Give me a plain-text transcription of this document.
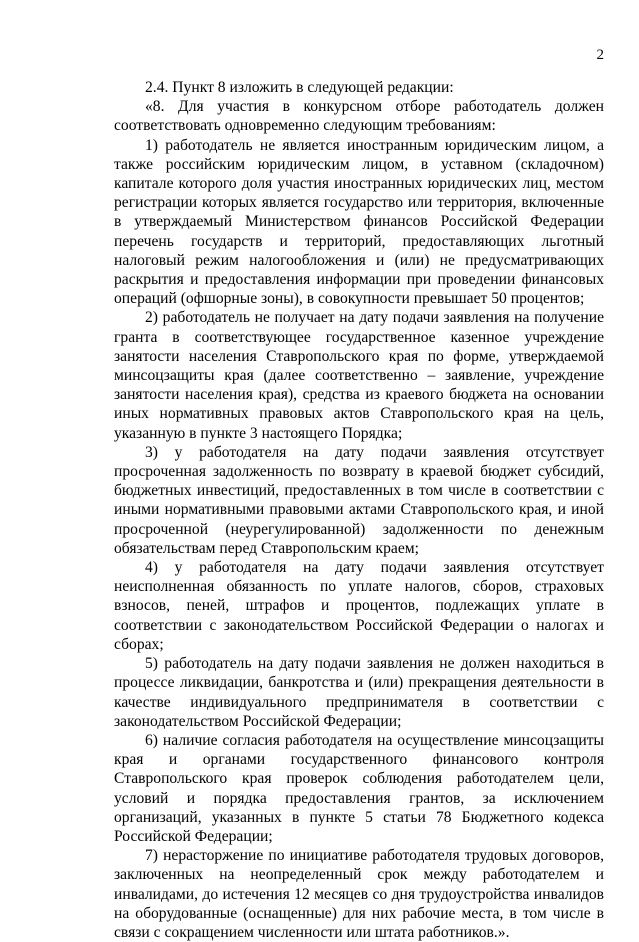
2

2.4. Пункт 8 изложить в следующей редакции:

«8. Для участия в конкурсном отборе работодатель должен соответствовать одновременно следующим требованиям:

1) работодатель не является иностранным юридическим лицом, а также российским юридическим лицом, в уставном (складочном) капитале которого доля участия иностранных юридических лиц, местом регистрации которых является государство или территория, включенные в утверждаемый Министерством финансов Российской Федерации перечень государств и территорий, предоставляющих льготный налоговый режим налогообложения и (или) не предусматривающих раскрытия и предоставления информации при проведении финансовых операций (офшорные зоны), в совокупности превышает 50 процентов;

2) работодатель не получает на дату подачи заявления на получение гранта в соответствующее государственное казенное учреждение занятости населения Ставропольского края по форме, утверждаемой минсоцзащиты края (далее соответственно – заявление, учреждение занятости населения края), средства из краевого бюджета на основании иных нормативных правовых актов Ставропольского края на цель, указанную в пункте 3 настоящего Порядка;

3) у работодателя на дату подачи заявления отсутствует просроченная задолженность по возврату в краевой бюджет субсидий, бюджетных инвестиций, предоставленных в том числе в соответствии с иными нормативными правовыми актами Ставропольского края, и иной просроченной (неурегулированной) задолженности по денежным обязательствам перед Ставропольским краем;

4) у работодателя на дату подачи заявления отсутствует неисполненная обязанность по уплате налогов, сборов, страховых взносов, пеней, штрафов и процентов, подлежащих уплате в соответствии с законодательством Российской Федерации о налогах и сборах;

5) работодатель на дату подачи заявления не должен находиться в процессе ликвидации, банкротства и (или) прекращения деятельности в качестве индивидуального предпринимателя в соответствии с законодательством Российской Федерации;

6) наличие согласия работодателя на осуществление минсоцзащиты края и органами государственного финансового контроля Ставропольского края проверок соблюдения работодателем цели, условий и порядка предоставления грантов, за исключением организаций, указанных в пункте 5 статьи 78 Бюджетного кодекса Российской Федерации;

7) нерасторжение по инициативе работодателя трудовых договоров, заключенных на неопределенный срок между работодателем и инвалидами, до истечения 12 месяцев со дня трудоустройства инвалидов на оборудованные (оснащенные) для них рабочие места, в том числе в связи с сокращением численности или штата работников.».
